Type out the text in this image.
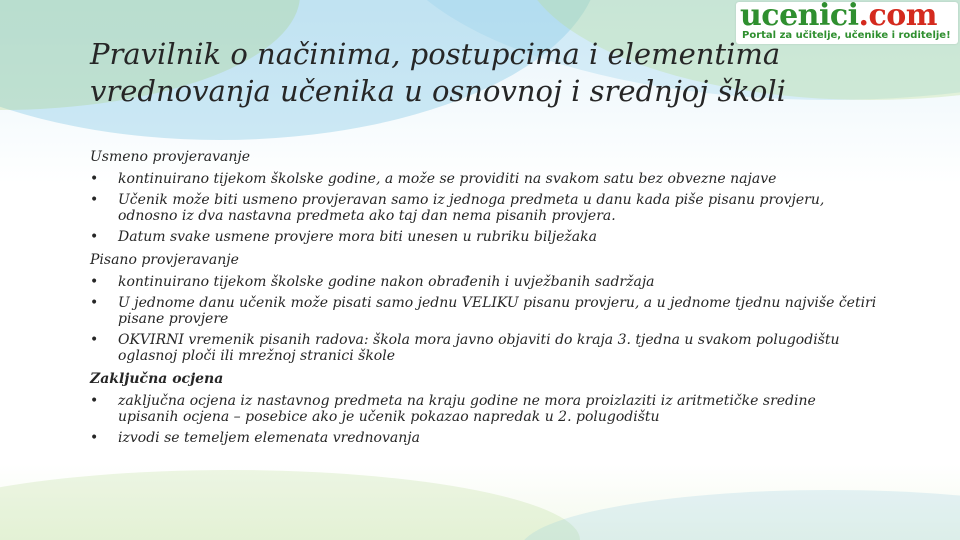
ucenici.com
Portal za učitelje, učenike i roditelje!
Pravilnik o načinima, postupcima i elementima vrednovanja učenika u osnovnoj i srednjoj školi

Usmeno provjeravanje

• kontinuirano tijekom školske godine, a može se providiti na svakom satu bez obvezne najave
• Učenik može biti usmeno provjeravan samo iz jednoga predmeta u danu kada piše pisanu provjeru, odnosno iz dva nastavna predmeta ako taj dan nema pisanih provjera.
• Datum svake usmene provjere mora biti unesen u rubriku bilježaka

Pisano provjeravanje

• kontinuirano tijekom školske godine nakon obrađenih i uvježbanih sadržaja
• U jednome danu učenik može pisati samo jednu VELIKU pisanu provjeru, a u jednome tjednu najviše četiri pisane provjere
• OKVIRNI vremenik pisanih radova: škola mora javno objaviti do kraja 3. tjedna u svakom polugodištu oglasnoj ploči ili mrežnoj stranici škole

Zaključna ocjena

• zaključna ocjena iz nastavnog predmeta na kraju godine ne mora proizlaziti iz aritmetičke sredine upisanih ocjena – posebice ako je učenik pokazao napredak u 2. polugodištu
• izvodi se temeljem elemenata vrednovanja
